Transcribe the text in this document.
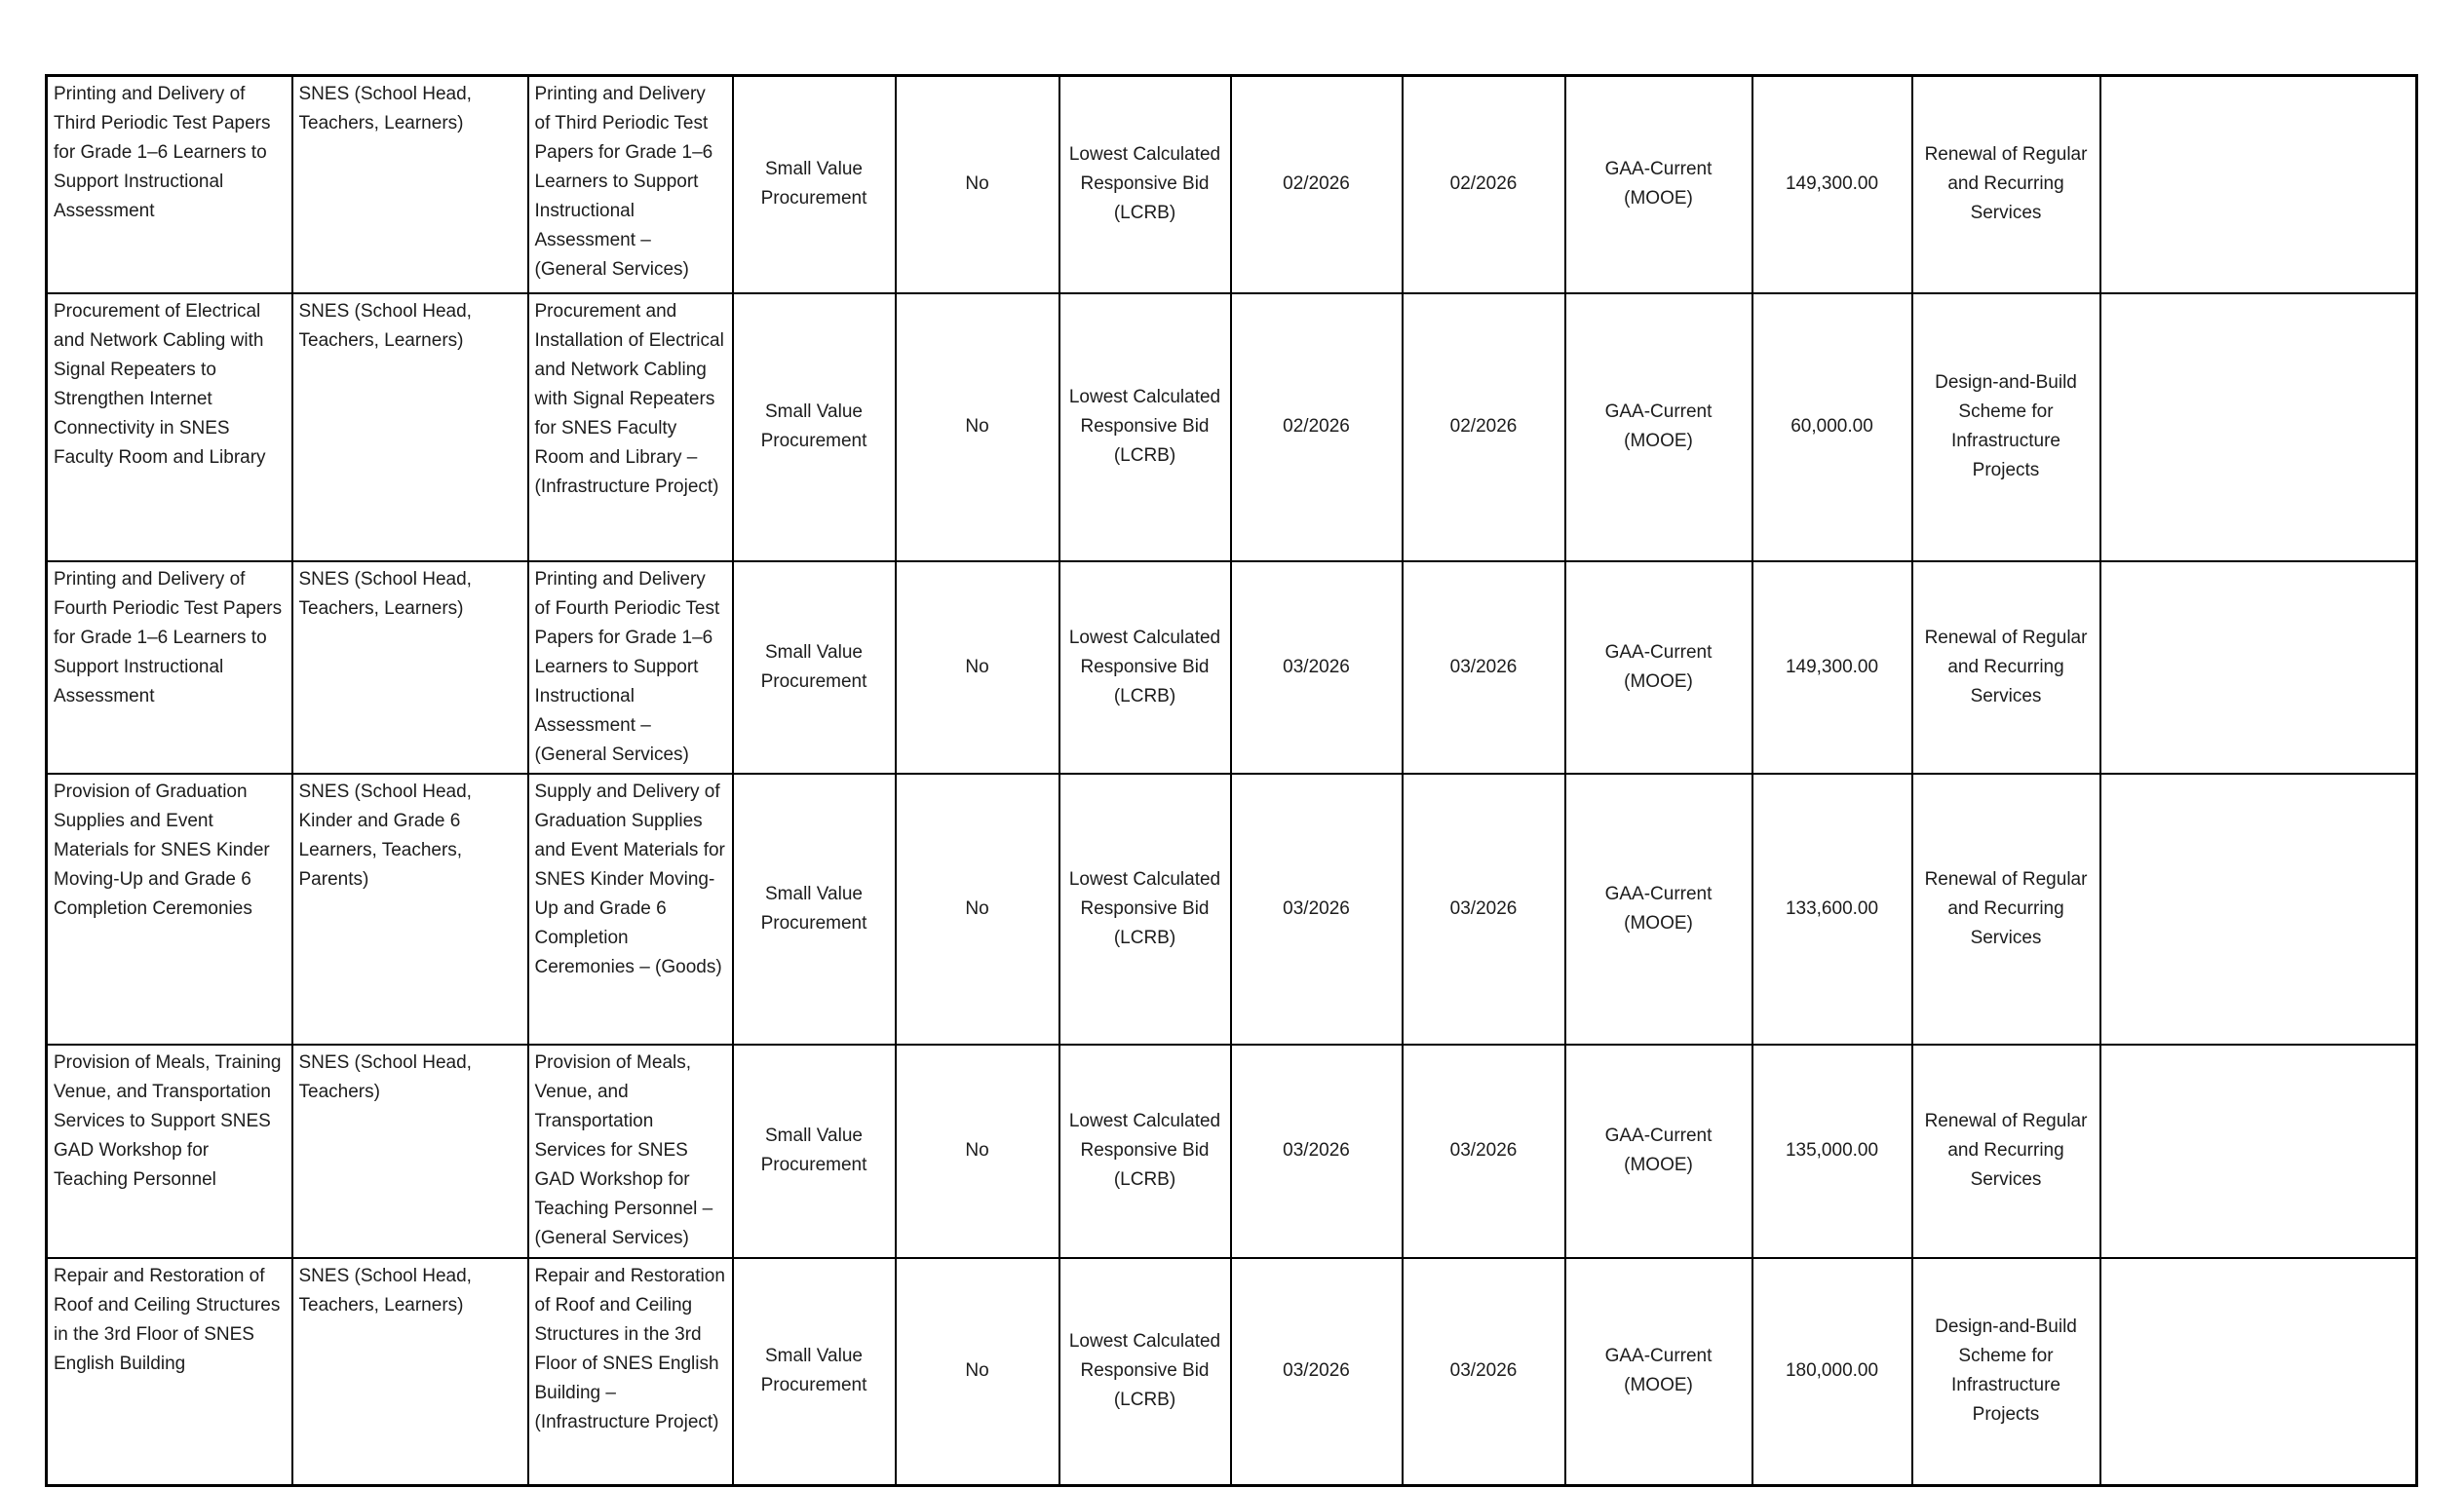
Printing and Delivery of Third Periodic Test Papers for Grade 1–6 Learners to Support Instructional Assessment	SNES (School Head, Teachers, Learners)	Printing and Delivery of Third Periodic Test Papers for Grade 1–6 Learners to Support Instructional Assessment – (General Services)	Small Value Procurement	No	Lowest Calculated Responsive Bid (LCRB)	02/2026	02/2026	GAA-Current (MOOE)	149,300.00	Renewal of Regular and Recurring Services	
Procurement of Electrical and Network Cabling with Signal Repeaters to Strengthen Internet Connectivity in SNES Faculty Room and Library	SNES (School Head, Teachers, Learners)	Procurement and Installation of Electrical and Network Cabling with Signal Repeaters for SNES Faculty Room and Library – (Infrastructure Project)	Small Value Procurement	No	Lowest Calculated Responsive Bid (LCRB)	02/2026	02/2026	GAA-Current (MOOE)	60,000.00	Design-and-Build Scheme for Infrastructure Projects	
Printing and Delivery of Fourth Periodic Test Papers for Grade 1–6 Learners to Support Instructional Assessment	SNES (School Head, Teachers, Learners)	Printing and Delivery of Fourth Periodic Test Papers for Grade 1–6 Learners to Support Instructional Assessment – (General Services)	Small Value Procurement	No	Lowest Calculated Responsive Bid (LCRB)	03/2026	03/2026	GAA-Current (MOOE)	149,300.00	Renewal of Regular and Recurring Services	
Provision of Graduation Supplies and Event Materials for SNES Kinder Moving-Up and Grade 6 Completion Ceremonies	SNES (School Head, Kinder and Grade 6 Learners, Teachers, Parents)	Supply and Delivery of Graduation Supplies and Event Materials for SNES Kinder Moving-Up and Grade 6 Completion Ceremonies – (Goods)	Small Value Procurement	No	Lowest Calculated Responsive Bid (LCRB)	03/2026	03/2026	GAA-Current (MOOE)	133,600.00	Renewal of Regular and Recurring Services	
Provision of Meals, Training Venue, and Transportation Services to Support SNES GAD Workshop for Teaching Personnel	SNES (School Head, Teachers)	Provision of Meals, Venue, and Transportation Services for SNES GAD Workshop for Teaching Personnel – (General Services)	Small Value Procurement	No	Lowest Calculated Responsive Bid (LCRB)	03/2026	03/2026	GAA-Current (MOOE)	135,000.00	Renewal of Regular and Recurring Services	
Repair and Restoration of Roof and Ceiling Structures in the 3rd Floor of SNES English Building	SNES (School Head, Teachers, Learners)	Repair and Restoration of Roof and Ceiling Structures in the 3rd Floor of SNES English Building – (Infrastructure Project)	Small Value Procurement	No	Lowest Calculated Responsive Bid (LCRB)	03/2026	03/2026	GAA-Current (MOOE)	180,000.00	Design-and-Build Scheme for Infrastructure Projects	
